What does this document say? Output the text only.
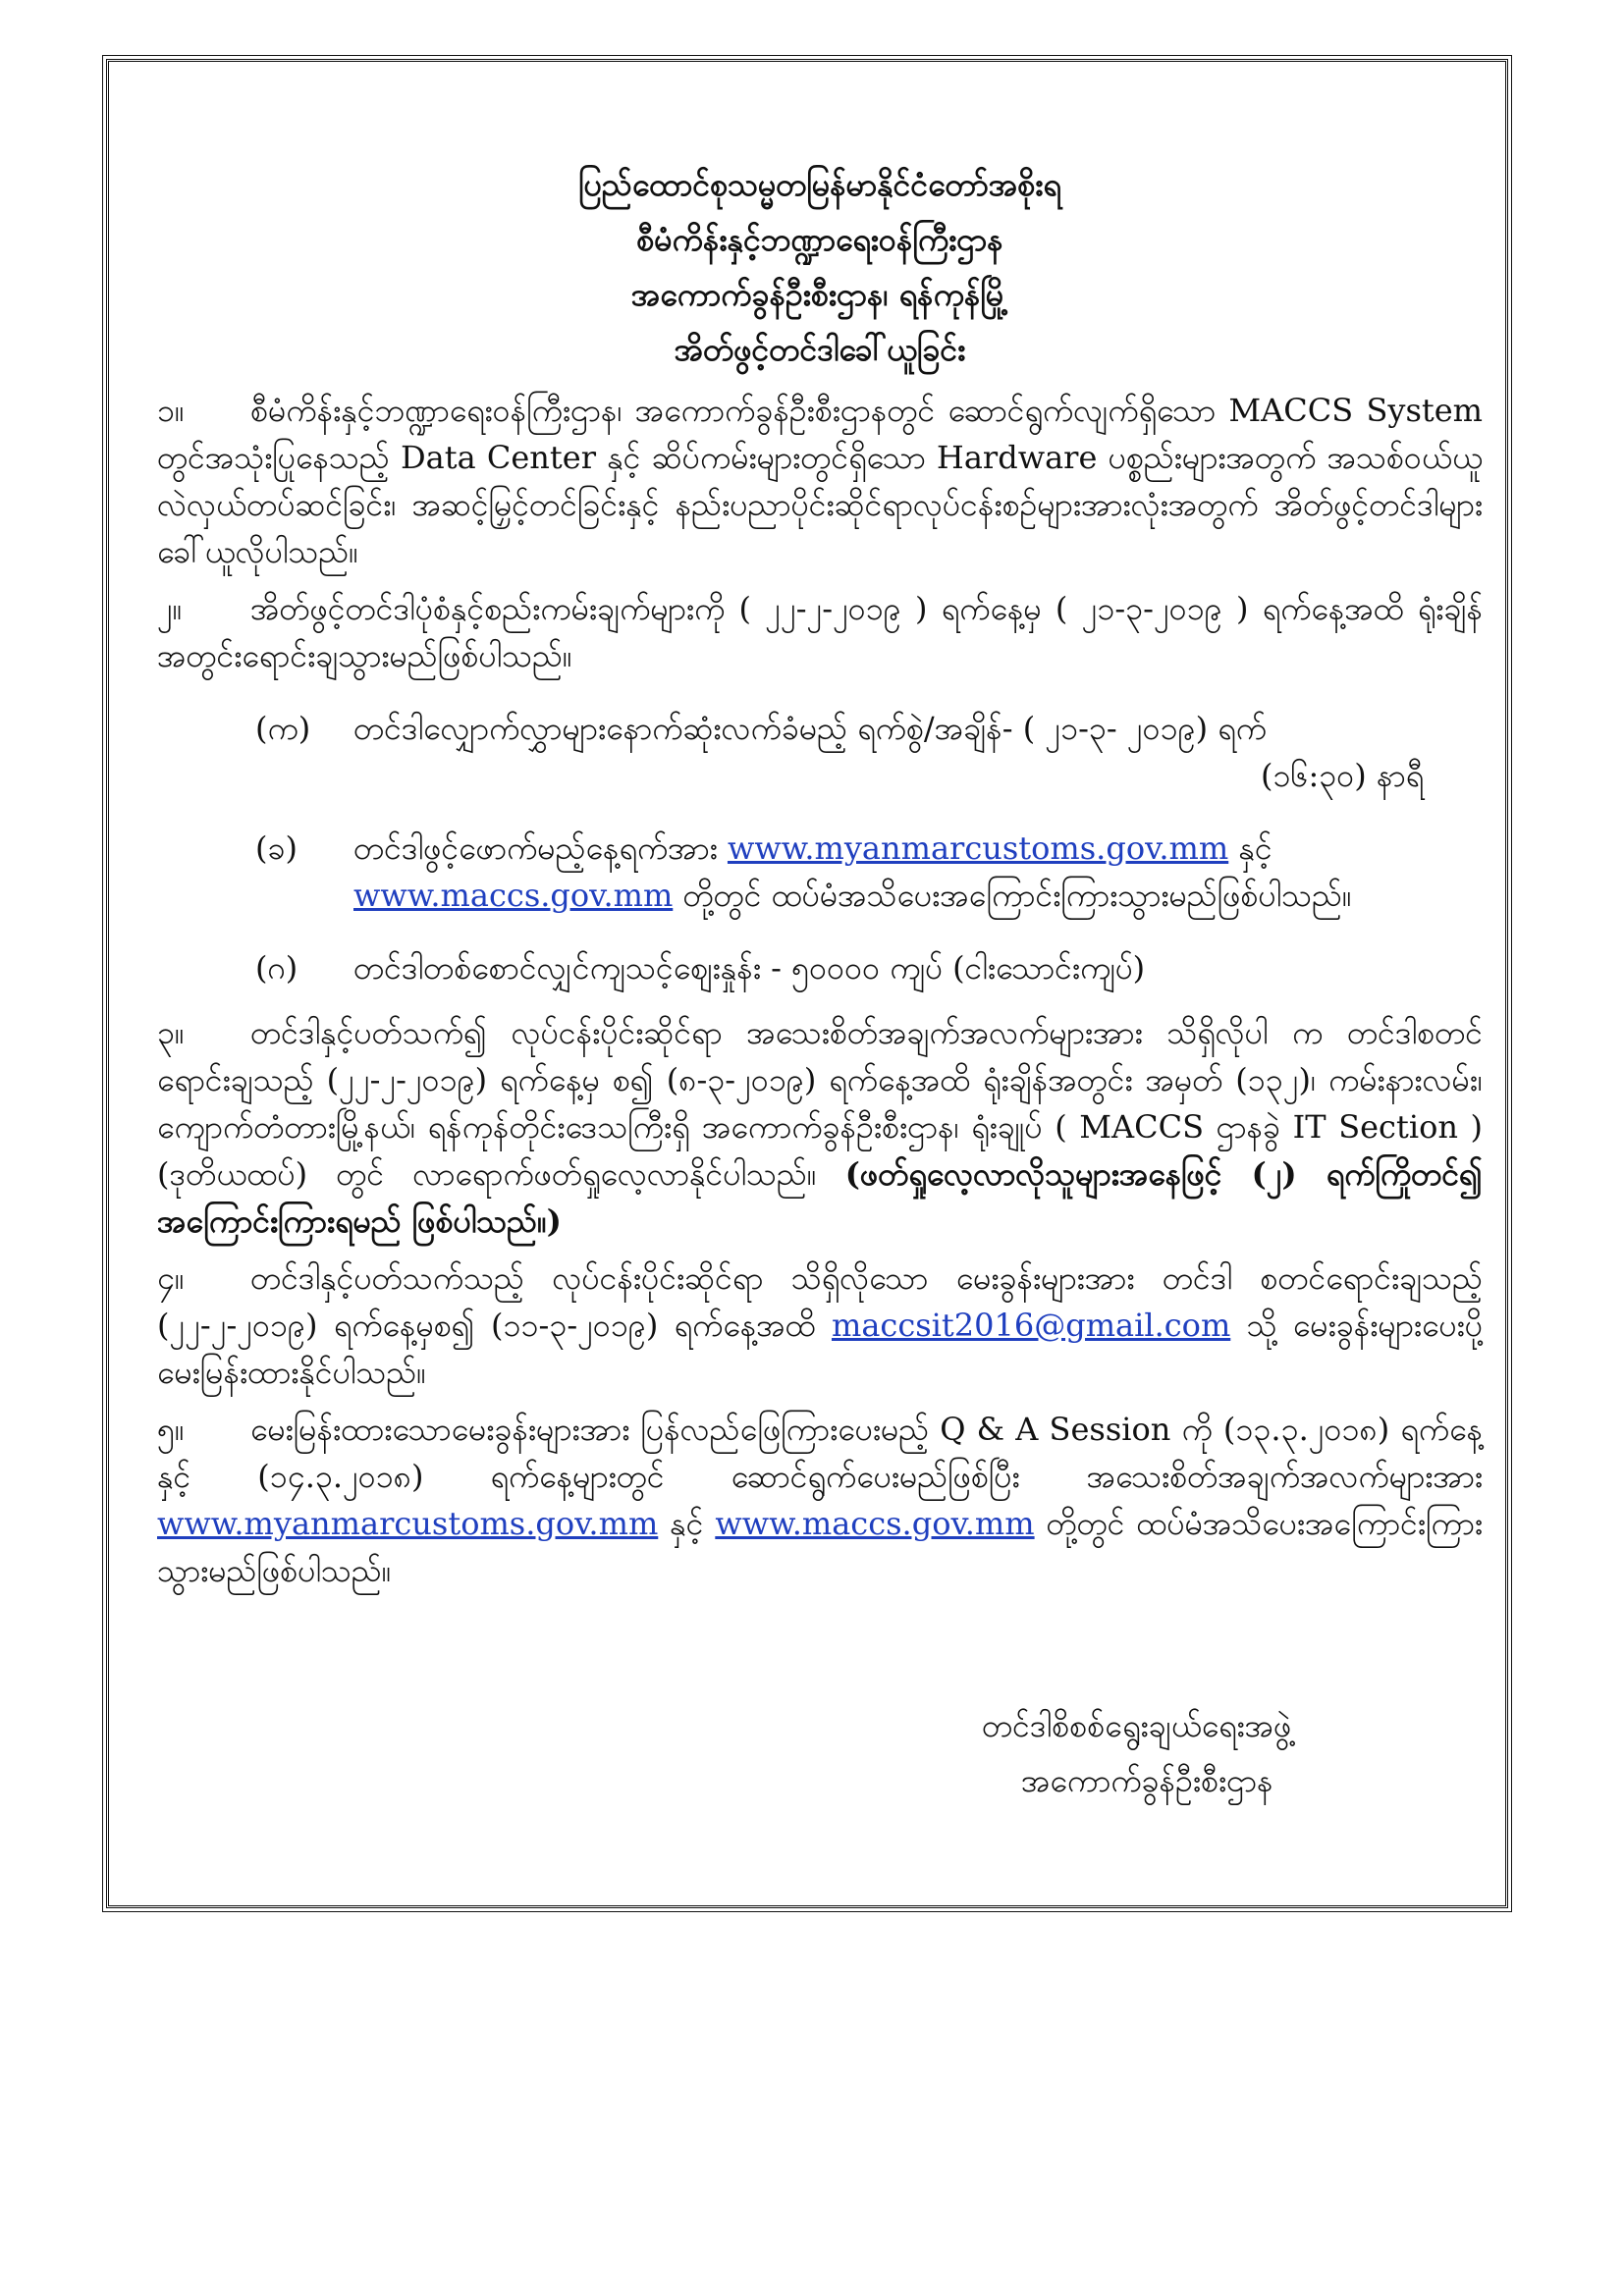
ပြည်ထောင်စုသမ္မတမြန်မာနိုင်ငံတော်အစိုးရ
စီမံကိန်းနှင့်ဘဏ္ဍာရေးဝန်ကြီးဌာန
အကောက်ခွန်ဦးစီးဌာန၊ ရန်ကုန်မြို့
အိတ်ဖွင့်တင်ဒါခေါ်ယူခြင်း

၁။ စီမံကိန်းနှင့်ဘဏ္ဍာရေးဝန်ကြီးဌာန၊ အကောက်ခွန်ဦးစီးဌာနတွင် ဆောင်ရွက်လျက်ရှိသော MACCS System တွင်အသုံးပြုနေသည့် Data Center နှင့် ဆိပ်ကမ်းများတွင်ရှိသော Hardware ပစ္စည်းများအတွက် အသစ်ဝယ်ယူလဲလှယ်တပ်ဆင်ခြင်း၊ အဆင့်မြှင့်တင်ခြင်းနှင့် နည်းပညာပိုင်းဆိုင်ရာလုပ်ငန်းစဉ်များအားလုံးအတွက် အိတ်ဖွင့်တင်ဒါများ ခေါ်ယူလိုပါသည်။

၂။ အိတ်ဖွင့်တင်ဒါပုံစံနှင့်စည်းကမ်းချက်များကို ( ၂၂-၂-၂၀၁၉ ) ရက်နေ့မှ ( ၂၁-၃-၂၀၁၉ ) ရက်နေ့အထိ ရုံးချိန်အတွင်းရောင်းချသွားမည်ဖြစ်ပါသည်။

(က) တင်ဒါလျှောက်လွှာများနောက်ဆုံးလက်ခံမည့် ရက်စွဲ/အချိန်- ( ၂၁-၃- ၂၀၁၉) ရက်
(၁၆:၃၀) နာရီ
(ခ) တင်ဒါဖွင့်ဖောက်မည့်နေ့ရက်အား www.myanmarcustoms.gov.mm နှင့်
www.maccs.gov.mm တို့တွင် ထပ်မံအသိပေးအကြောင်းကြားသွားမည်ဖြစ်ပါသည်။
(ဂ) တင်ဒါတစ်စောင်လျှင်ကျသင့်ဈေးနှုန်း - ၅၀၀၀၀ ကျပ် (ငါးသောင်းကျပ်)

၃။ တင်ဒါနှင့်ပတ်သက်၍ လုပ်ငန်းပိုင်းဆိုင်ရာ အသေးစိတ်အချက်အလက်များအား သိရှိလိုပါ က တင်ဒါစတင်ရောင်းချသည့် (၂၂-၂-၂၀၁၉) ရက်နေ့မှ စ၍ (၈-၃-၂၀၁၉) ရက်နေ့အထိ ရုံးချိန်အတွင်း အမှတ် (၁၃၂)၊ ကမ်းနားလမ်း၊ ကျောက်တံတားမြို့နယ်၊ ရန်ကုန်တိုင်းဒေသကြီးရှိ အကောက်ခွန်ဦးစီးဌာန၊ ရုံးချုပ် ( MACCS ဌာနခွဲ IT Section ) (ဒုတိယထပ်) တွင် လာရောက်ဖတ်ရှုလေ့လာနိုင်ပါသည်။ (ဖတ်ရှုလေ့လာလိုသူများအနေဖြင့် (၂) ရက်ကြိုတင်၍ အကြောင်းကြားရမည် ဖြစ်ပါသည်။)

၄။ တင်ဒါနှင့်ပတ်သက်သည့် လုပ်ငန်းပိုင်းဆိုင်ရာ သိရှိလိုသော မေးခွန်းများအား တင်ဒါ စတင်ရောင်းချသည့် (၂၂-၂-၂၀၁၉) ရက်နေ့မှစ၍ (၁၁-၃-၂၀၁၉) ရက်နေ့အထိ maccsit2016@gmail.com သို့ မေးခွန်းများပေးပို့မေးမြန်းထားနိုင်ပါသည်။

၅။ မေးမြန်းထားသောမေးခွန်းများအား ပြန်လည်ဖြေကြားပေးမည့် Q & A Session ကို (၁၃.၃.၂၀၁၈) ရက်နေ့နှင့် (၁၄.၃.၂၀၁၈) ရက်နေ့များတွင် ဆောင်ရွက်ပေးမည်ဖြစ်ပြီး အသေးစိတ်အချက်အလက်များအား www.myanmarcustoms.gov.mm နှင့် www.maccs.gov.mm တို့တွင် ထပ်မံအသိပေးအကြောင်းကြားသွားမည်ဖြစ်ပါသည်။

တင်ဒါစိစစ်ရွေးချယ်ရေးအဖွဲ့
အကောက်ခွန်ဦးစီးဌာန
